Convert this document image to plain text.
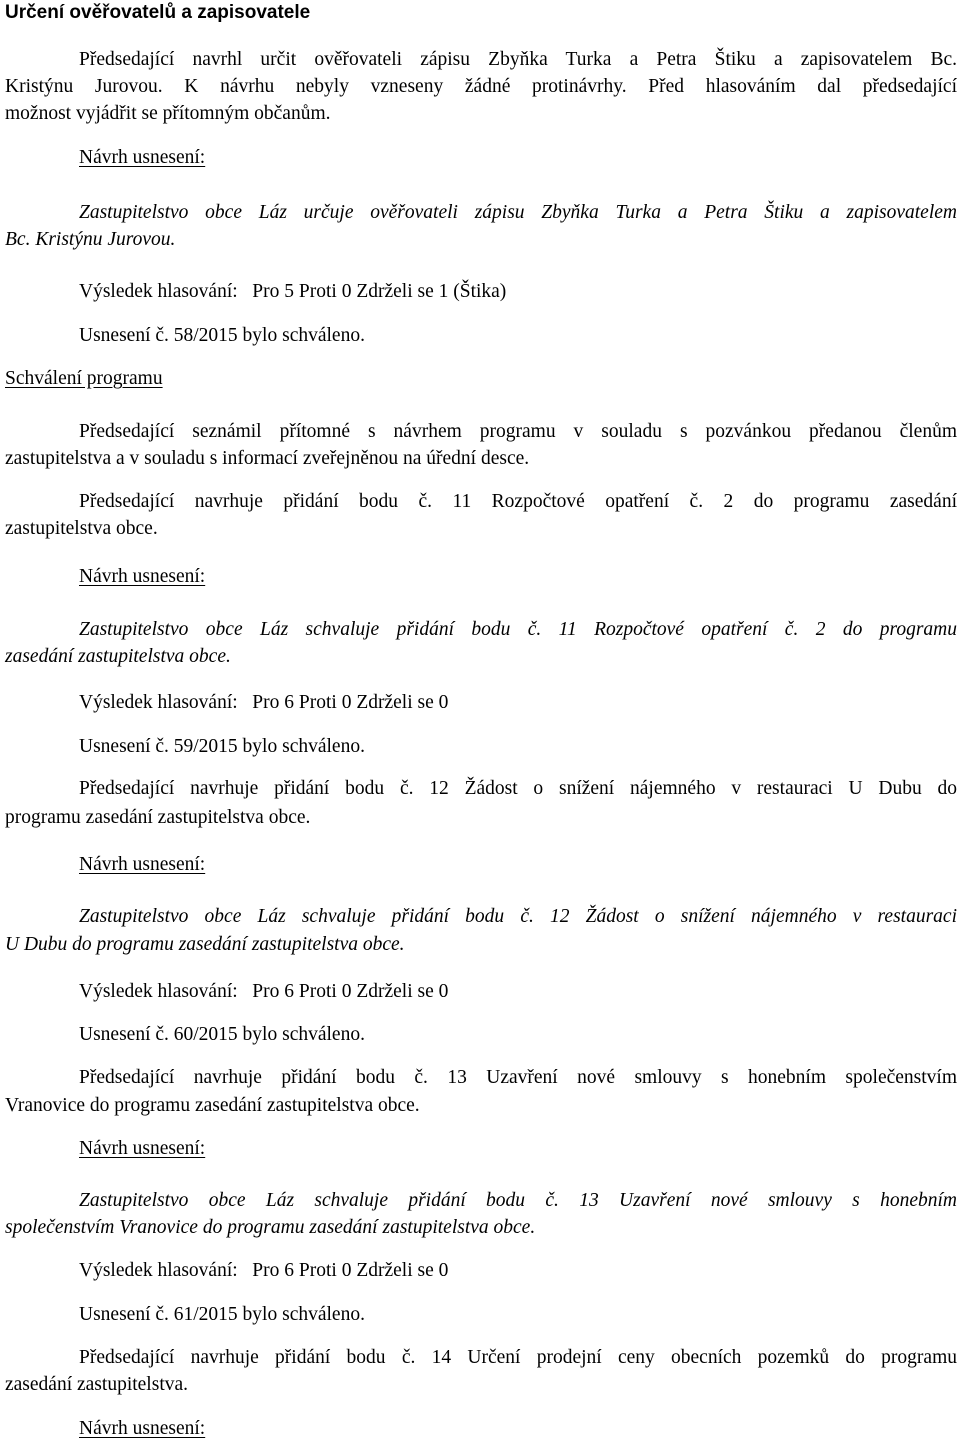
Určení ověřovatelů a zapisovatele
Předsedající navrhl určit ověřovateli zápisu Zbyňka Turka a Petra Štiku a zapisovatelem Bc.
Kristýnu Jurovou. K návrhu nebyly vzneseny žádné protinávrhy. Před hlasováním dal předsedající
možnost vyjádřit se přítomným občanům.
Návrh usnesení:
Zastupitelstvo obce Láz určuje ověřovateli zápisu Zbyňka Turka a Petra Štiku a zapisovatelem
Bc. Kristýnu Jurovou.
Výsledek hlasování:   Pro 5 Proti 0 Zdrželi se 1 (Štika)
Usnesení č. 58/2015 bylo schváleno.
Schválení programu
Předsedající seznámil přítomné s návrhem programu v souladu s pozvánkou předanou členům
zastupitelstva a v souladu s informací zveřejněnou na úřední desce.
Předsedající navrhuje přidání bodu č. 11 Rozpočtové opatření č. 2 do programu zasedání
zastupitelstva obce.
Návrh usnesení:
Zastupitelstvo obce Láz schvaluje přidání bodu č. 11 Rozpočtové opatření č. 2 do programu
zasedání zastupitelstva obce.
Výsledek hlasování:   Pro 6 Proti 0 Zdrželi se 0
Usnesení č. 59/2015 bylo schváleno.
Předsedající navrhuje přidání bodu č. 12 Žádost o snížení nájemného v restauraci U Dubu do
programu zasedání zastupitelstva obce.
Návrh usnesení:
Zastupitelstvo obce Láz schvaluje přidání bodu č. 12 Žádost o snížení nájemného v restauraci
U Dubu do programu zasedání zastupitelstva obce.
Výsledek hlasování:   Pro 6 Proti 0 Zdrželi se 0
Usnesení č. 60/2015 bylo schváleno.
Předsedající navrhuje přidání bodu č. 13 Uzavření nové smlouvy s honebním společenstvím
Vranovice do programu zasedání zastupitelstva obce.
Návrh usnesení:
Zastupitelstvo obce Láz schvaluje přidání bodu č. 13 Uzavření nové smlouvy s honebním
společenstvím Vranovice do programu zasedání zastupitelstva obce.
Výsledek hlasování:   Pro 6 Proti 0 Zdrželi se 0
Usnesení č. 61/2015 bylo schváleno.
Předsedající navrhuje přidání bodu č. 14 Určení prodejní ceny obecních pozemků do programu
zasedání zastupitelstva.
Návrh usnesení:
